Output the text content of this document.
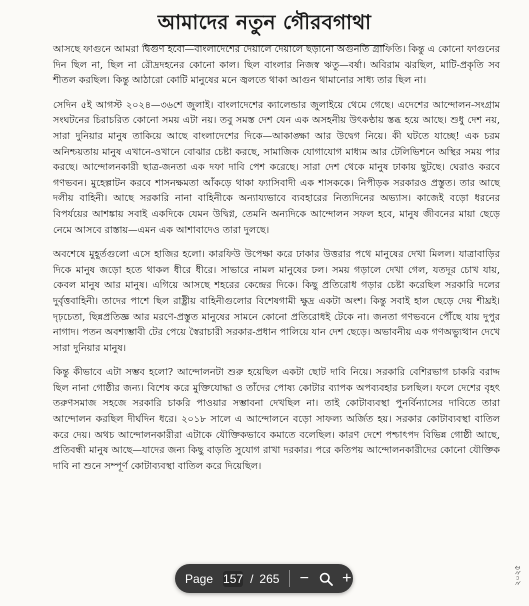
আমাদের নতুন গৌরবগাথা

আসছে ফাগুনে আমরা দ্বিগুণ হবো—বাংলাদেশের দেয়ালে দেয়ালে ছড়ানো অগুনতি গ্রাফিতি। কিন্তু এ কোনো ফাগুনের দিন ছিল না, ছিল না রৌদ্রদহনের কোনো কাল। ছিল বাংলার নিজস্ব ঋতু—বর্ষা। অবিরাম ঝরছিল, মাটি-প্রকৃতি সব শীতল করছিল। কিন্তু আঠারো কোটি মানুষের মনে জ্বলতে থাকা আগুন থামানোর সাধ্য তার ছিল না।

সেদিন ৫ই আগস্ট ২০২৪—৩৬শে জুলাই। বাংলাদেশের ক্যালেন্ডার জুলাইয়ে থেমে গেছে। এদেশের আন্দোলন-সংগ্রাম সংঘটনের চিরাচরিত কোনো সময় এটা নয়। তবু সমস্ত দেশ যেন এক অসহনীয় উৎকণ্ঠায় স্তব্ধ হয়ে আছে। শুধু দেশ নয়, সারা দুনিয়ার মানুষ তাকিয়ে আছে বাংলাদেশের দিকে—আকাঙ্ক্ষা আর উদ্বেগ নিয়ে। কী ঘটতে যাচ্ছে! এক চরম অনিশ্চয়তায় মানুষ এখানে-ওখানে বোঝার চেষ্টা করছে, সামাজিক যোগাযোগ মাধ্যম আর টেলিভিশনে অস্থির সময় পার করছে। আন্দোলনকারী ছাত্র-জনতা এক দফা দাবি পেশ করেছে। সারা দেশ থেকে মানুষ ঢাকায় ছুটছে। ঘেরাও করবে গণভবন। মুহেল্পাটন করবে শাসনক্ষমতা আঁকড়ে থাকা ফ্যাসিবাদী এক শাসককে। নিপীড়ক সরকারও প্রস্তুত। তার আছে দলীয় বাহিনী। আছে সরকারি নানা বাহিনীকে অন্যায্যভাবে ব্যবহারের নিত্যদিনের অভ্যাস। কাজেই বড়ো ধরনের বিপর্যয়ের আশঙ্কায় সবাই একদিকে যেমন উদ্বিগ্ন, তেমনি অন্যদিকে আন্দোলন সফল হবে, মানুষ জীবনের মায়া ছেড়ে নেমে আসবে রাস্তায়—এমন এক আশাবাদেও তারা দুলছে।

অবশেষে মুহূর্তগুলো এসে হাজির হলো। কারফিউ উপেক্ষা করে ঢাকার উত্তরার পথে মানুষের দেখা মিলল। যাত্রাবাড়ির দিকে মানুষ জড়ো হতে থাকল ধীরে ধীরে। সাভারে নামল মানুষের ঢল। সময় গড়ালে দেখা গেল, যতদূর চোখ যায়, কেবল মানুষ আর মানুষ। এগিয়ে আসছে শহরের কেন্দ্রের দিকে। কিছু প্রতিরোধ গড়ার চেষ্টা করেছিল সরকারি দলের দুর্বৃত্তবাহিনী। তাদের পাশে ছিল রাষ্ট্রীয় বাহিনীগুলোর বিশেষগামী ক্ষুদ্র একটা অংশ। কিন্তু সবাই হাল ছেড়ে দেয় শীঘ্রই। দৃঢ়চেতা, ছিন্নপ্রতিজ্ঞ আর মরণে-প্রস্তুত মানুষের সামনে কোনো প্রতিরোধই টেকে না। জনতা গণভবনে পৌঁছে যায় দুপুর নাগাদ। পতন অবশ্যম্ভাবী টের পেয়ে স্বৈরাচারী সরকার-প্রধান পালিয়ে যান দেশ ছেড়ে। অভাবনীয় এক গণঅভ্যুত্থান দেখে সারা দুনিয়ার মানুষ।

কিন্তু কীভাবে এটা সম্ভব হলো? আন্দোলনটা শুরু হয়েছিল একটা ছোট দাবি নিয়ে। সরকারি বেশিরভাগ চাকরি বরাদ্দ ছিল নানা গোষ্ঠীর জন্য। বিশেষ করে মুক্তিযোদ্ধা ও তাঁদের পোষ্য কোটার ব্যাপক অপব্যবহার চলছিল। ফলে দেশের বৃহৎ তরুণসমাজ সহজে সরকারি চাকরি পাওয়ার সম্ভাবনা দেখছিল না। তাই কোটাব্যবস্থা পুনর্বিন্যাসের দাবিতে তারা আন্দোলন করছিল দীর্ঘদিন ধরে। ২০১৮ সালে এ আন্দোলনে বড়ো সাফল্য অর্জিত হয়। সরকার কোটাব্যবস্থা বাতিল করে দেয়। অথচ আন্দোলনকারীরা এটাকে যৌক্তিকভাবে কমাতে বলেছিল। কারণ দেশে পশ্চাৎপদ বিভিন্ন গোষ্ঠী আছে, প্রতিবন্ধী মানুষ আছে—যাদের জন্য কিছু বাড়তি সুযোগ রাখা দরকার। পরে কতিপয় আন্দোলনকারীদের কোনো যৌক্তিক দাবি না শুনে সম্পূর্ণ কোটাব্যবস্থা বাতিল করে দিয়েছিল।

২০২৫
Page 157 / 265 − +
